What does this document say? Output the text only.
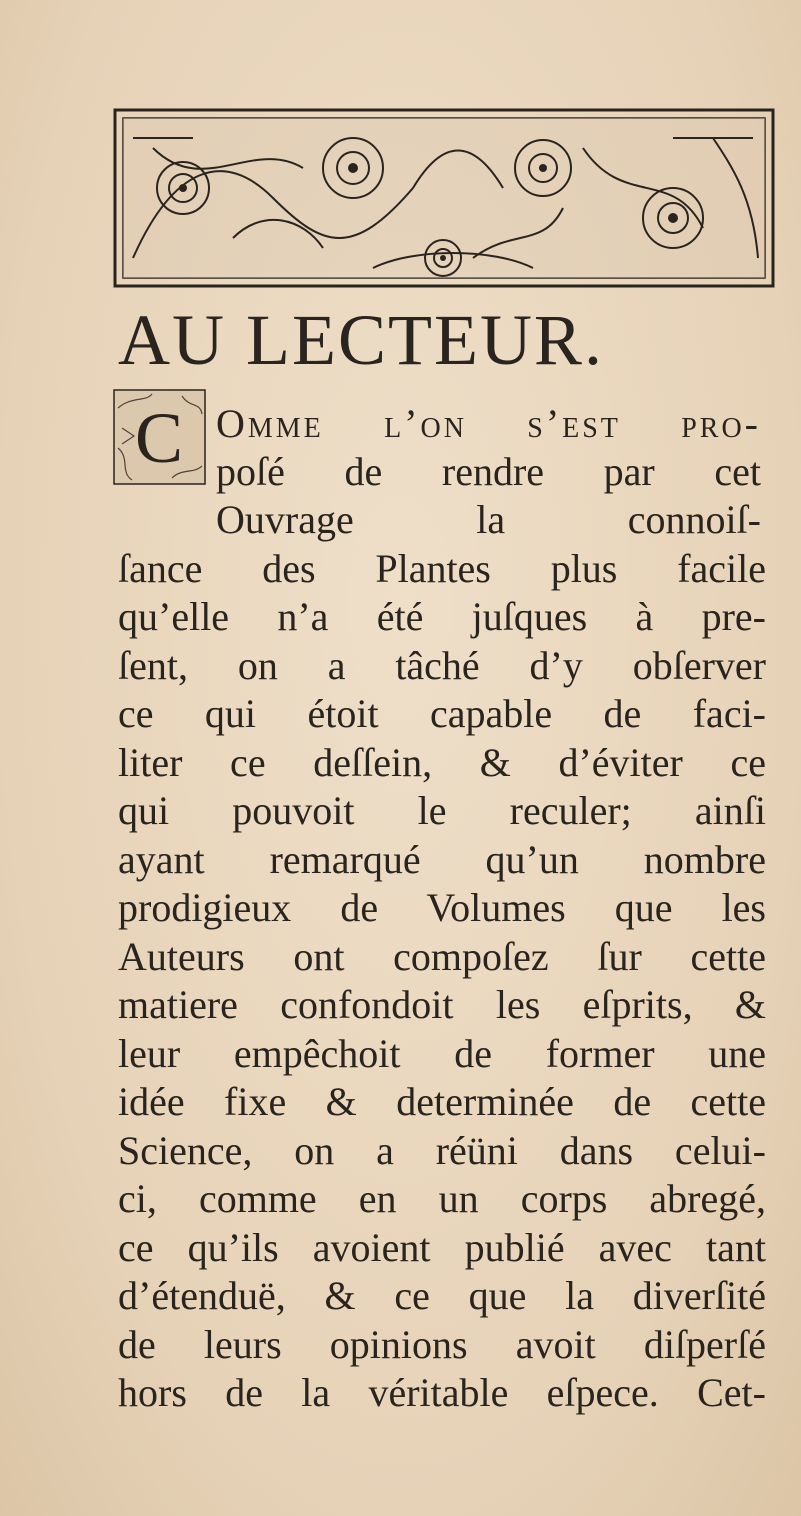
AU LECTEUR.
C Omme l’on s’eſt pro-

poſé de rendre par cet

Ouvrage la connoiſ-

ſance des Plantes plus facile

qu’elle n’a été juſques à pre-

ſent, on a tâché d’y obſerver

ce qui étoit capable de faci-

liter ce deſſein, & d’éviter ce

qui pouvoit le reculer; ainſi

ayant remarqué qu’un nombre

prodigieux de Volumes que les

Auteurs ont compoſez ſur cette

matiere confondoit les eſprits, &

leur empêchoit de former une

idée fixe & determinée de cette

Science, on a réüni dans celui-

ci, comme en un corps abregé,

ce qu’ils avoient publié avec tant

d’étenduë, & ce que la diverſité

de leurs opinions avoit diſperſé

hors de la véritable eſpece. Cet-
